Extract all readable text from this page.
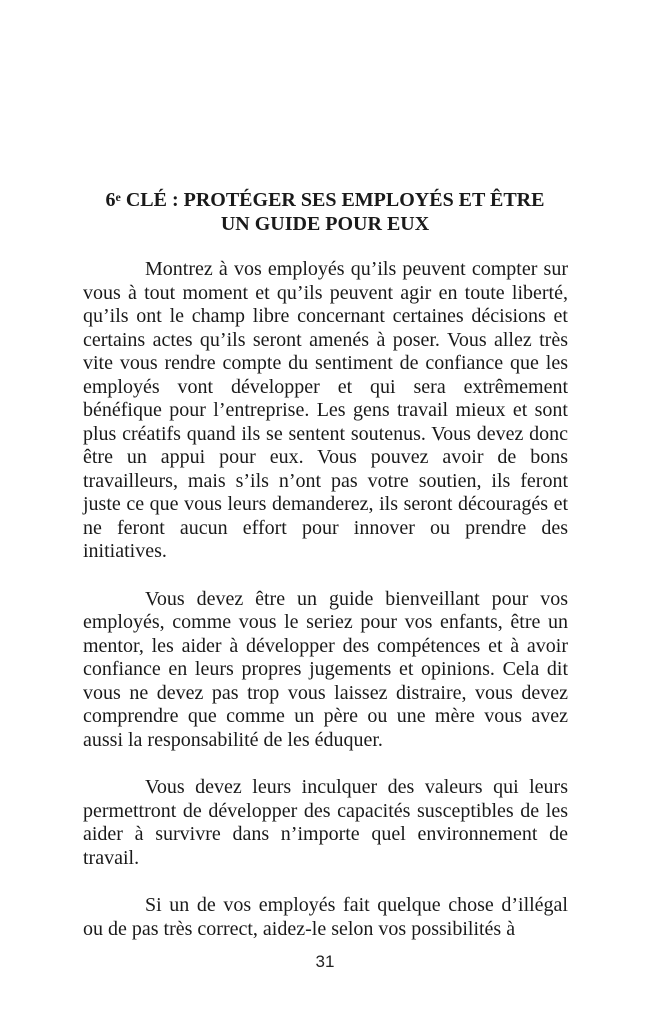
6e CLÉ : PROTÉGER SES EMPLOYÉS ET ÊTRE
UN GUIDE POUR EUX

Montrez à vos employés qu’ils peuvent compter sur vous à tout moment et qu’ils peuvent agir en toute liberté, qu’ils ont le champ libre concernant certaines décisions et certains actes qu’ils seront amenés à poser. Vous allez très vite vous rendre compte du sentiment de confiance que les employés vont développer et qui sera extrêmement bénéfique pour l’entreprise. Les gens travail mieux et sont plus créatifs quand ils se sentent soutenus. Vous devez donc être un appui pour eux. Vous pouvez avoir de bons travailleurs, mais s’ils n’ont pas votre soutien, ils feront juste ce que vous leurs demanderez, ils seront découragés et ne feront aucun effort pour innover ou prendre des initiatives.

Vous devez être un guide bienveillant pour vos employés, comme vous le seriez pour vos enfants, être un mentor, les aider à développer des compétences et à avoir confiance en leurs propres jugements et opinions. Cela dit vous ne devez pas trop vous laissez distraire, vous devez comprendre que comme un père ou une mère vous avez aussi la responsabilité de les éduquer.

Vous devez leurs inculquer des valeurs qui leurs permettront de développer des capacités susceptibles de les aider à survivre dans n’importe quel environnement de travail.

Si un de vos employés fait quelque chose d’illégal ou de pas très correct, aidez-le selon vos possibilités à

31
